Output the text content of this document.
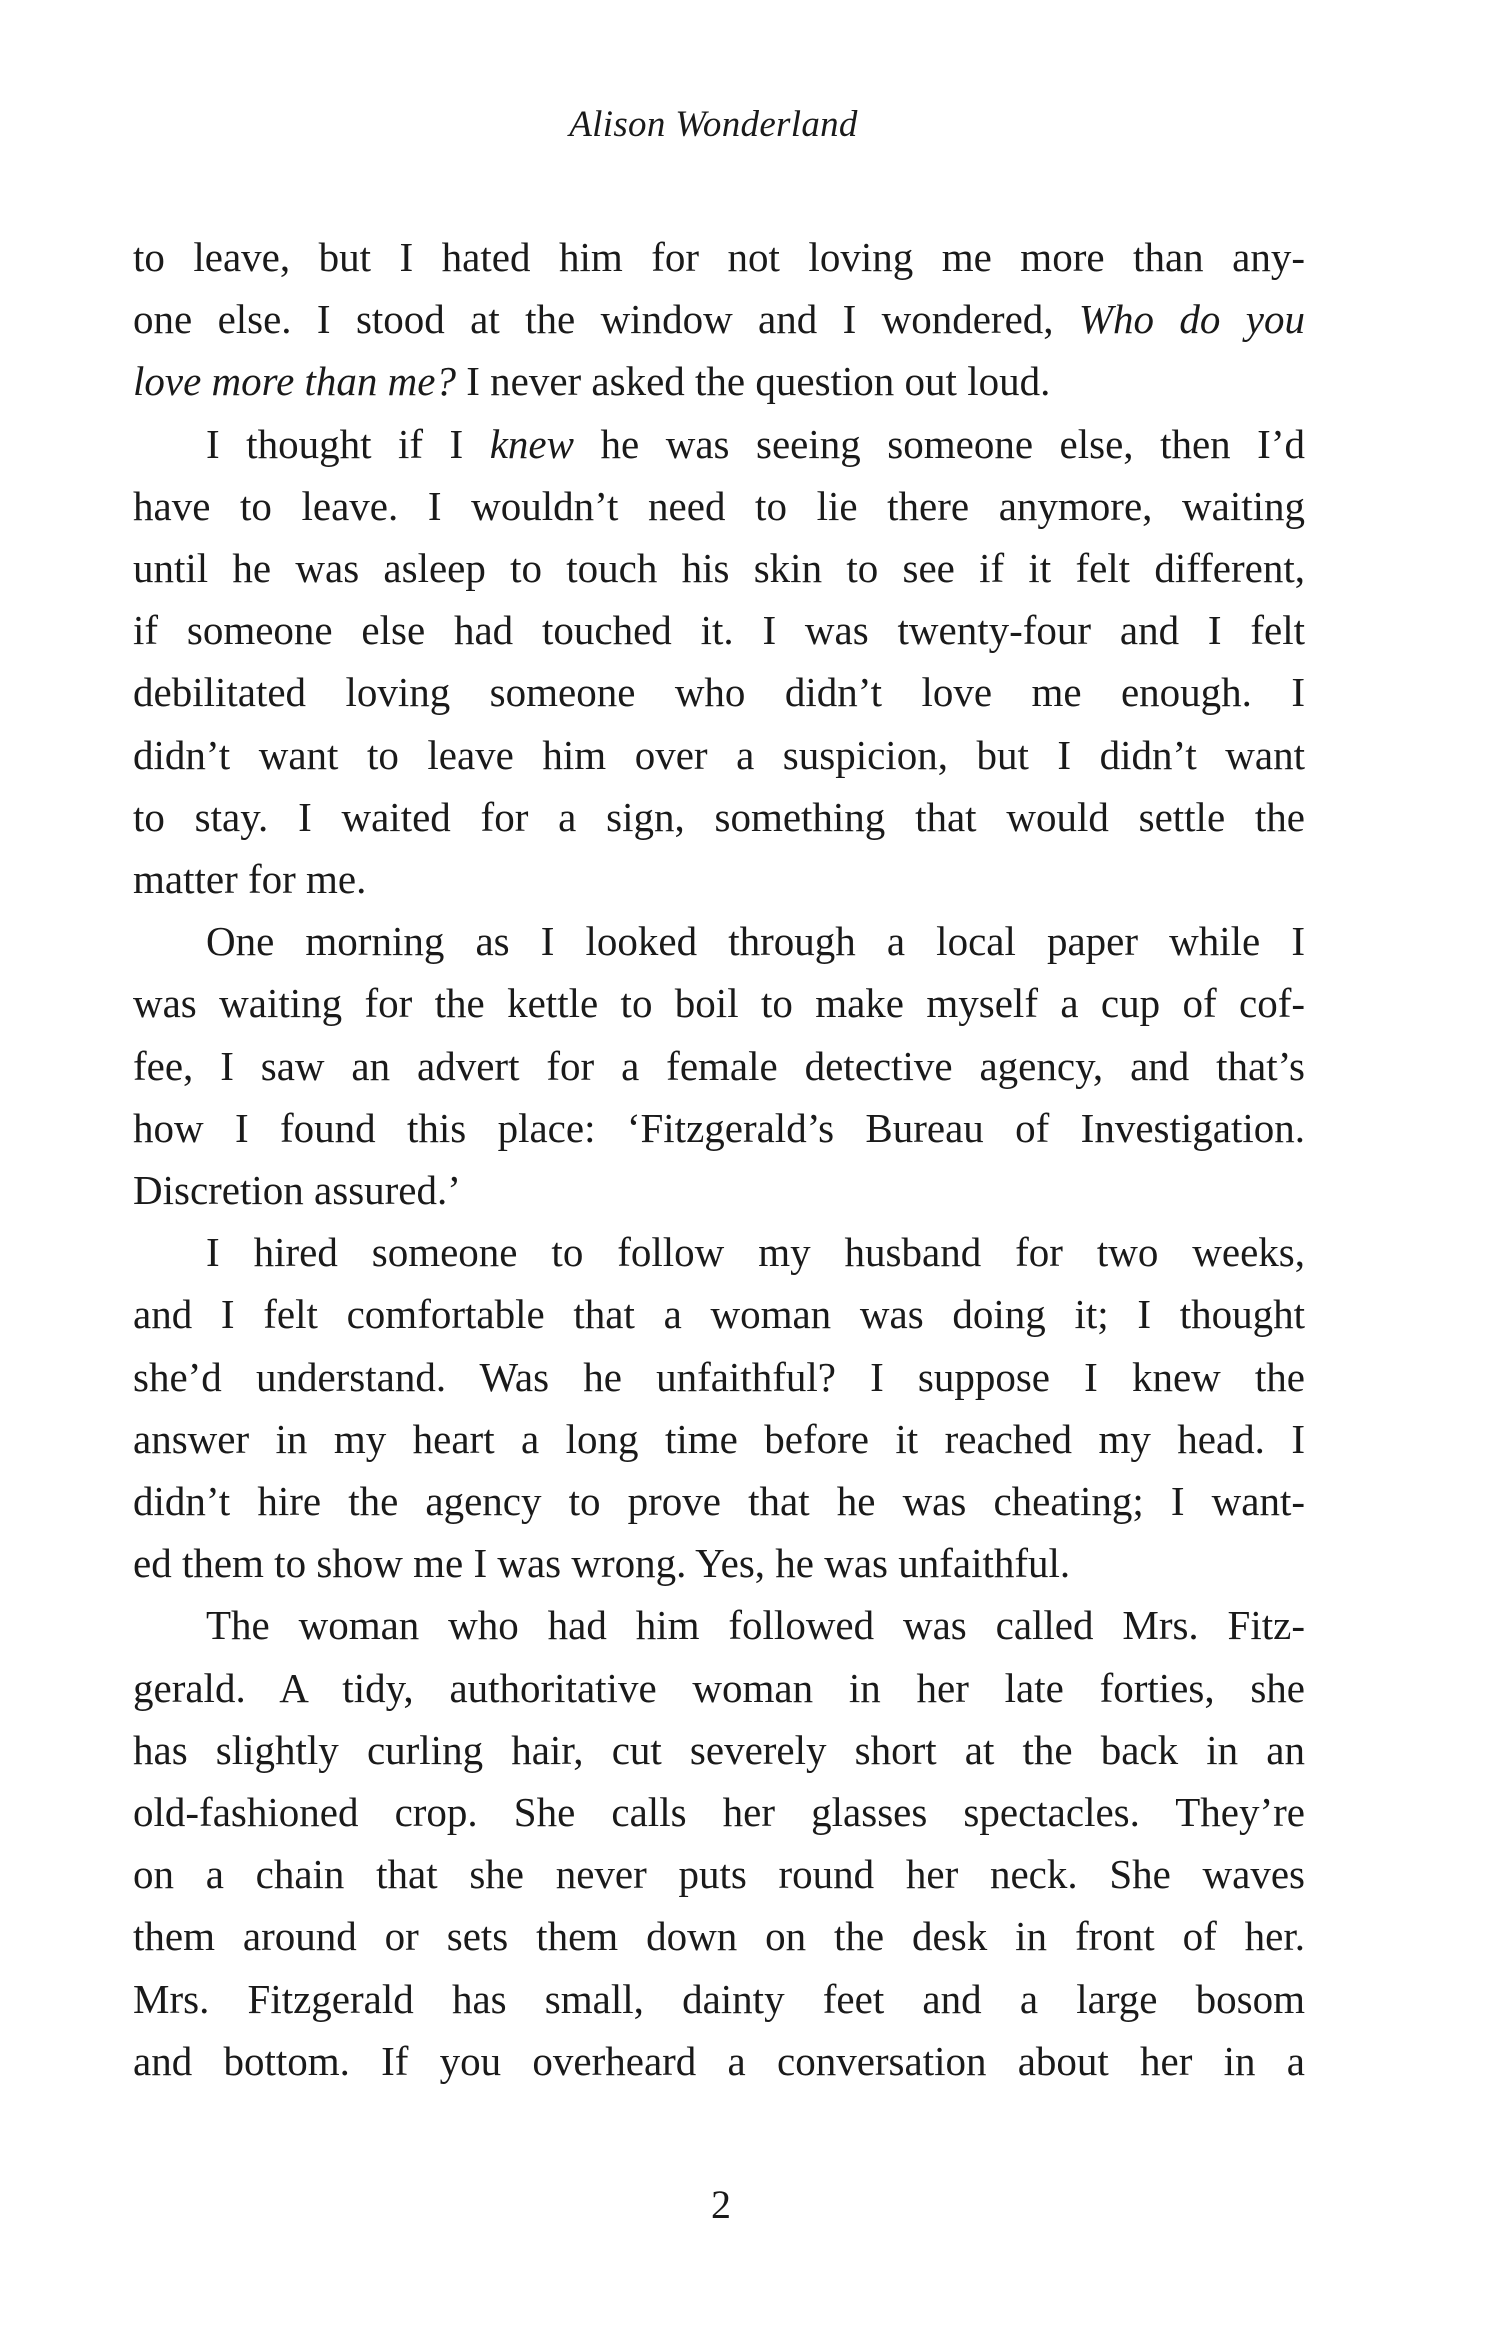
Alison Wonderland
to leave, but I hated him for not loving me more than any-
one else. I stood at the window and I wondered, Who do you
love more than me? I never asked the question out loud.
I thought if I knew he was seeing someone else, then I’d
have to leave. I wouldn’t need to lie there anymore, waiting
until he was asleep to touch his skin to see if it felt different,
if someone else had touched it. I was twenty-four and I felt
debilitated loving someone who didn’t love me enough. I
didn’t want to leave him over a suspicion, but I didn’t want
to stay. I waited for a sign, something that would settle the
matter for me.
One morning as I looked through a local paper while I
was waiting for the kettle to boil to make myself a cup of cof-
fee, I saw an advert for a female detective agency, and that’s
how I found this place: ‘Fitzgerald’s Bureau of Investigation.
Discretion assured.’
I hired someone to follow my husband for two weeks,
and I felt comfortable that a woman was doing it; I thought
she’d understand. Was he unfaithful? I suppose I knew the
answer in my heart a long time before it reached my head. I
didn’t hire the agency to prove that he was cheating; I want-
ed them to show me I was wrong. Yes, he was unfaithful.
The woman who had him followed was called Mrs. Fitz-
gerald. A tidy, authoritative woman in her late forties, she
has slightly curling hair, cut severely short at the back in an
old-fashioned crop. She calls her glasses spectacles. They’re
on a chain that she never puts round her neck. She waves
them around or sets them down on the desk in front of her.
Mrs. Fitzgerald has small, dainty feet and a large bosom
and bottom. If you overheard a conversation about her in a
2
